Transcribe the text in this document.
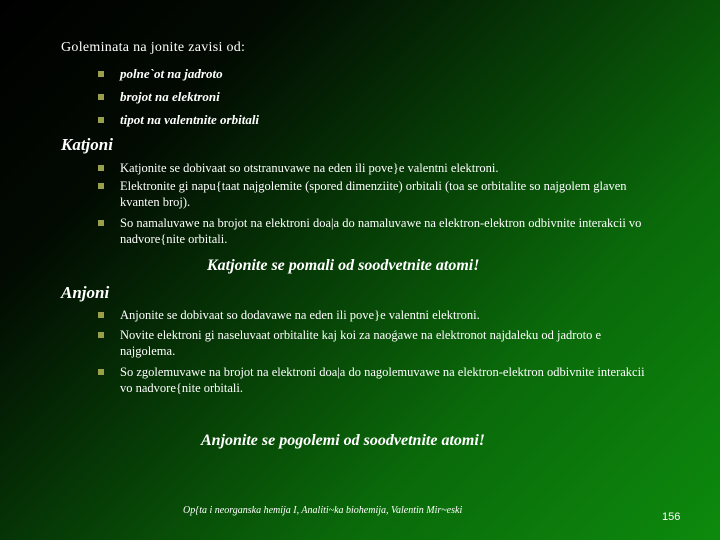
Goleminata na jonite zavisi od:
polne`ot na jadroto
brojot na elektroni
tipot na valentnite orbitali
Katjoni
Katjonite se dobivaat so otstranuvawe na eden ili pove}e valentni elektroni.
Elektronite gi napu{taat najgolemite (spored dimenziite) orbitali (toa se orbitalite so najgolem glaven kvanten broj).
So namaluvawe na brojot na elektroni doa|a do namaluvawe na elektron-elektron odbivnite interakcii vo nadvore{nite orbitali.
Katjonite se pomali od soodvetnite atomi!
Anjoni
Anjonite se dobivaat so dodavawe na eden ili pove}e valentni elektroni.
Novite elektroni gi naseluvaat orbitalite kaj koi za naoǵawe na elektronot najdaleku od jadroto e najgolema.
So zgolemuvawe na brojot na elektroni doa|a do nagolemuvawe na elektron-elektron odbivnite interakcii vo nadvore{nite orbitali.
Anjonite se pogolemi od soodvetnite atomi!
Op{ta i neorganska hemija I, Analiti~ka biohemija, Valentin Mir~eski
156
